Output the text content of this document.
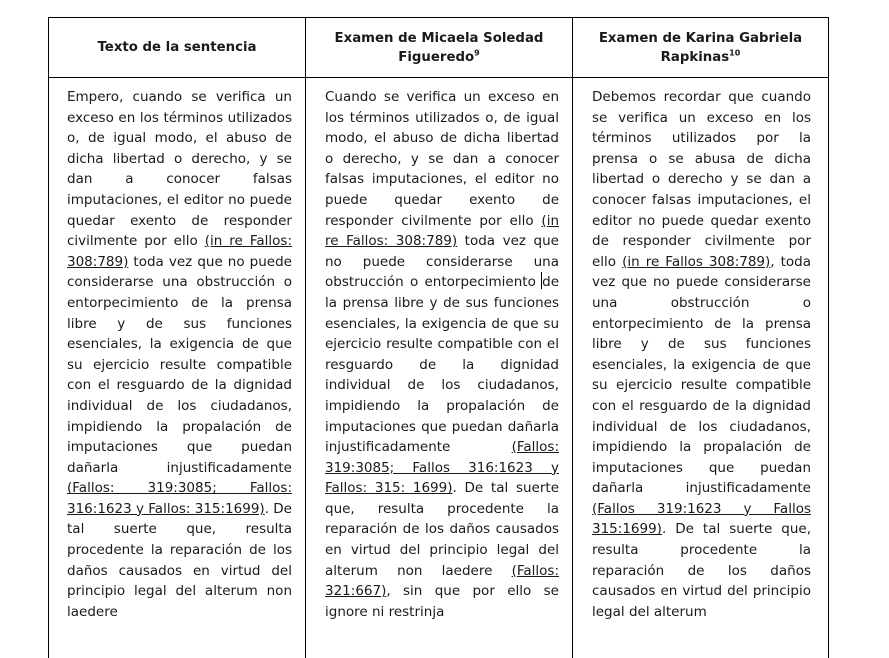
Texto de la sentencia
Examen de Micaela Soledad
Figueredo$^9$
Examen de Karina Gabriela
Rapkinas$^{10}$
Empero, cuando se verifica un exceso en los términos utilizados o, de igual modo, el abuso de dicha libertad o derecho, y se dan a conocer falsas imputaciones, el editor no puede quedar exento de responder civilmente por ello (in re Fallos: 308:789) toda vez que no puede considerarse una obstrucción o entorpecimiento de la prensa libre y de sus funciones esenciales, la exigencia de que su ejercicio resulte compatible con el resguardo de la dignidad individual de los ciudadanos, impidiendo la propalación de imputaciones que puedan dañarla injustificadamente (Fallos: 319:3085; Fallos: 316:1623 y Fallos: 315:1699). De tal suerte que, resulta procedente la reparación de los daños causados en virtud del principio legal del alterum non laedere
Cuando se verifica un exceso en los términos utilizados o, de igual modo, el abuso de dicha libertad o derecho, y se dan a conocer falsas imputaciones, el editor no puede quedar exento de responder civilmente por ello (in re Fallos: 308:789) toda vez que no puede considerarse una obstrucción o entorpecimiento de la prensa libre y de sus funciones esenciales, la exigencia de que su ejercicio resulte compatible con el resguardo de la dignidad individual de los ciudadanos, impidiendo la propalación de imputaciones que puedan dañarla injustificadamente (Fallos: 319:3085; Fallos 316:1623 y Fallos: 315: 1699). De tal suerte que, resulta procedente la reparación de los daños causados en virtud del principio legal del alterum non laedere (Fallos: 321:667), sin que por ello se ignore ni restrinja
Debemos recordar que cuando se verifica un exceso en los términos utilizados por la prensa o se abusa de dicha libertad o derecho y se dan a conocer falsas imputaciones, el editor no puede quedar exento de responder civilmente por ello (in re Fallos 308:789), toda vez que no puede considerarse una obstrucción o entorpecimiento de la prensa libre y de sus funciones esenciales, la exigencia de que su ejercicio resulte compatible con el resguardo de la dignidad individual de los ciudadanos, impidiendo la propalación de imputaciones que puedan dañarla injustificadamente (Fallos 319:1623 y Fallos 315:1699). De tal suerte que, resulta procedente la reparación de los daños causados en virtud del principio legal del alterum
